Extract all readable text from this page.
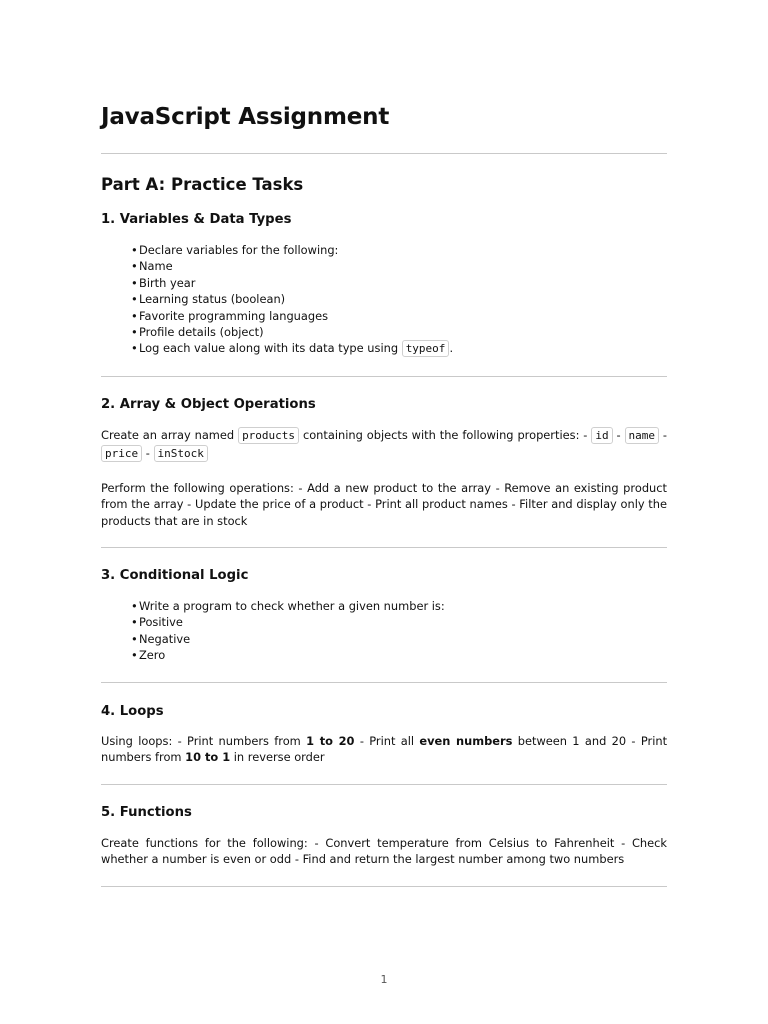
JavaScript Assignment
Part A: Practice Tasks
1. Variables & Data Types
•Declare variables for the following:
•Name
•Birth year
•Learning status (boolean)
•Favorite programming languages
•Profile details (object)
•Log each value along with its data type using typeof .
2. Array & Object Operations

Create an array named products containing objects with the following properties: - id - name - price - inStock

Perform the following operations: - Add a new product to the array - Remove an existing product from the array - Update the price of a product - Print all product names - Filter and display only the products that are in stock

3. Conditional Logic
•Write a program to check whether a given number is:
•Positive
•Negative
•Zero
4. Loops

Using loops: - Print numbers from 1 to 20 - Print all even numbers between 1 and 20 - Print numbers from 10 to 1 in reverse order

5. Functions

Create functions for the following: - Convert temperature from Celsius to Fahrenheit - Check whether a number is even or odd - Find and return the largest number among two numbers

1
